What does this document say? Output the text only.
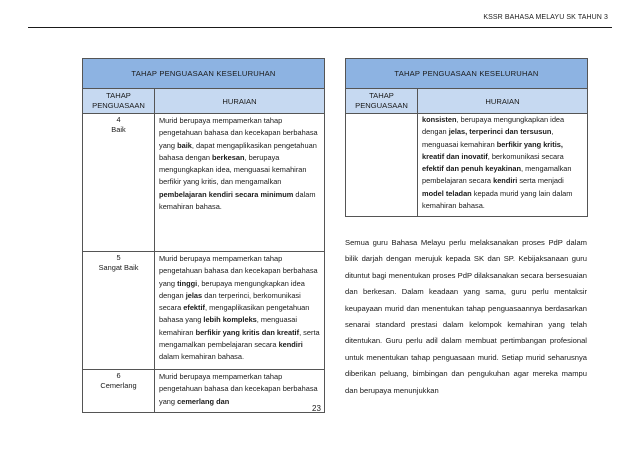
KSSR BAHASA MELAYU SK TAHUN 3
TAHAP PENGUASAAN KESELURUHAN	
TAHAP PENGUASAAN	HURAIAN

4
Baik	Murid berupaya mempamerkan tahap pengetahuan bahasa dan kecekapan berbahasa yang baik, dapat mengaplikasikan pengetahuan bahasa dengan berkesan, berupaya mengungkapkan idea, menguasai kemahiran berfikir yang kritis, dan mengamalkan pembelajaran kendiri secara minimum dalam kemahiran bahasa.

5
Sangat Baik	Murid berupaya mempamerkan tahap pengetahuan bahasa dan kecekapan berbahasa yang tinggi, berupaya mengungkapkan idea dengan jelas dan terperinci, berkomunikasi secara efektif, mengaplikasikan pengetahuan bahasa yang lebih kompleks, menguasai kemahiran berfikir yang kritis dan kreatif, serta mengamalkan pembelajaran secara kendiri dalam kemahiran bahasa.

6
Cemerlang	Murid berupaya mempamerkan tahap pengetahuan bahasa dan kecekapan berbahasa yang cemerlang dan
TAHAP PENGUASAAN KESELURUHAN	
TAHAP PENGUASAAN	HURAIAN
	konsisten, berupaya mengungkapkan idea dengan jelas, terperinci dan tersusun, menguasai kemahiran berfikir yang kritis, kreatif dan inovatif, berkomunikasi secara efektif dan penuh keyakinan, mengamalkan pembelajaran secara kendiri serta menjadi model teladan kepada murid yang lain dalam kemahiran bahasa.
Semua guru Bahasa Melayu perlu melaksanakan proses PdP dalam bilik darjah dengan merujuk kepada SK dan SP. Kebijaksanaan guru dituntut bagi menentukan proses PdP dilaksanakan secara bersesuaian dan berkesan. Dalam keadaan yang sama, guru perlu mentaksir keupayaan murid dan menentukan tahap penguasaannya berdasarkan senarai standard prestasi dalam kelompok kemahiran yang telah ditentukan. Guru perlu adil dalam membuat pertimbangan profesional untuk menentukan tahap penguasaan murid. Setiap murid seharusnya diberikan peluang, bimbingan dan pengukuhan agar mereka mampu dan berupaya menunjukkan
23
